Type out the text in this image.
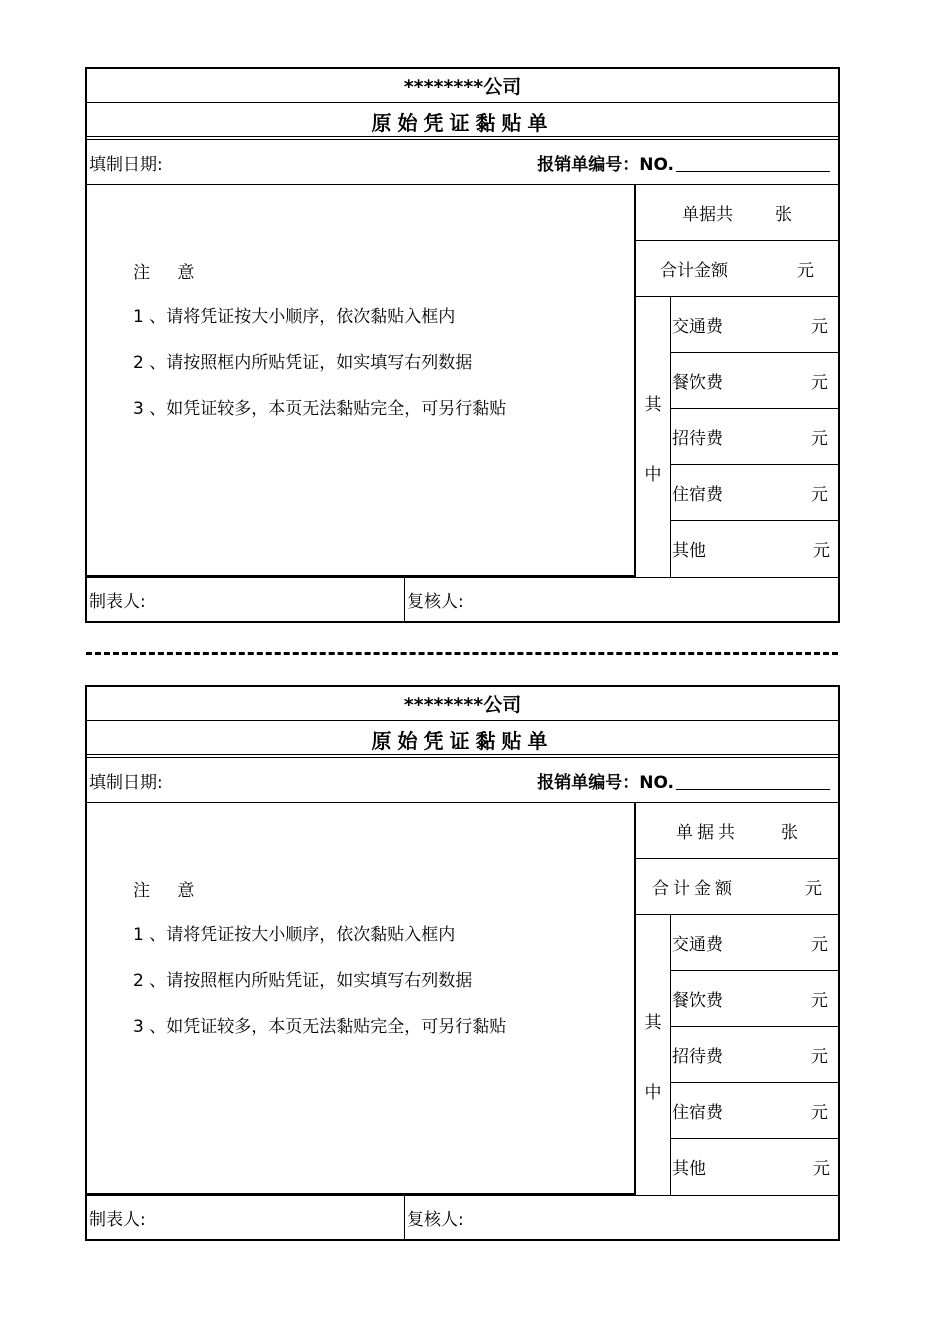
********公司
原始凭证黏贴单
填制日期:	报销单编号：NO.
注 意
1 、请将凭证按大小顺序，依次黏贴入框内
2 、请按照框内所贴凭证，如实填写右列数据
3 、如凭证较多，本页无法黏贴完全，可另行黏贴
单据共 张
合计金额	元
其
中
交通费	元
餐饮费	元
招待费	元
住宿费	元
其他	元
制表人:	复核人:
********公司
原始凭证黏贴单
填制日期:	报销单编号：NO.
注 意
1 、请将凭证按大小顺序，依次黏贴入框内
2 、请按照框内所贴凭证，如实填写右列数据
3 、如凭证较多，本页无法黏贴完全，可另行黏贴
单据共 张
合计金额	元
其
中
交通费	元
餐饮费	元
招待费	元
住宿费	元
其他	元
制表人:	复核人:
